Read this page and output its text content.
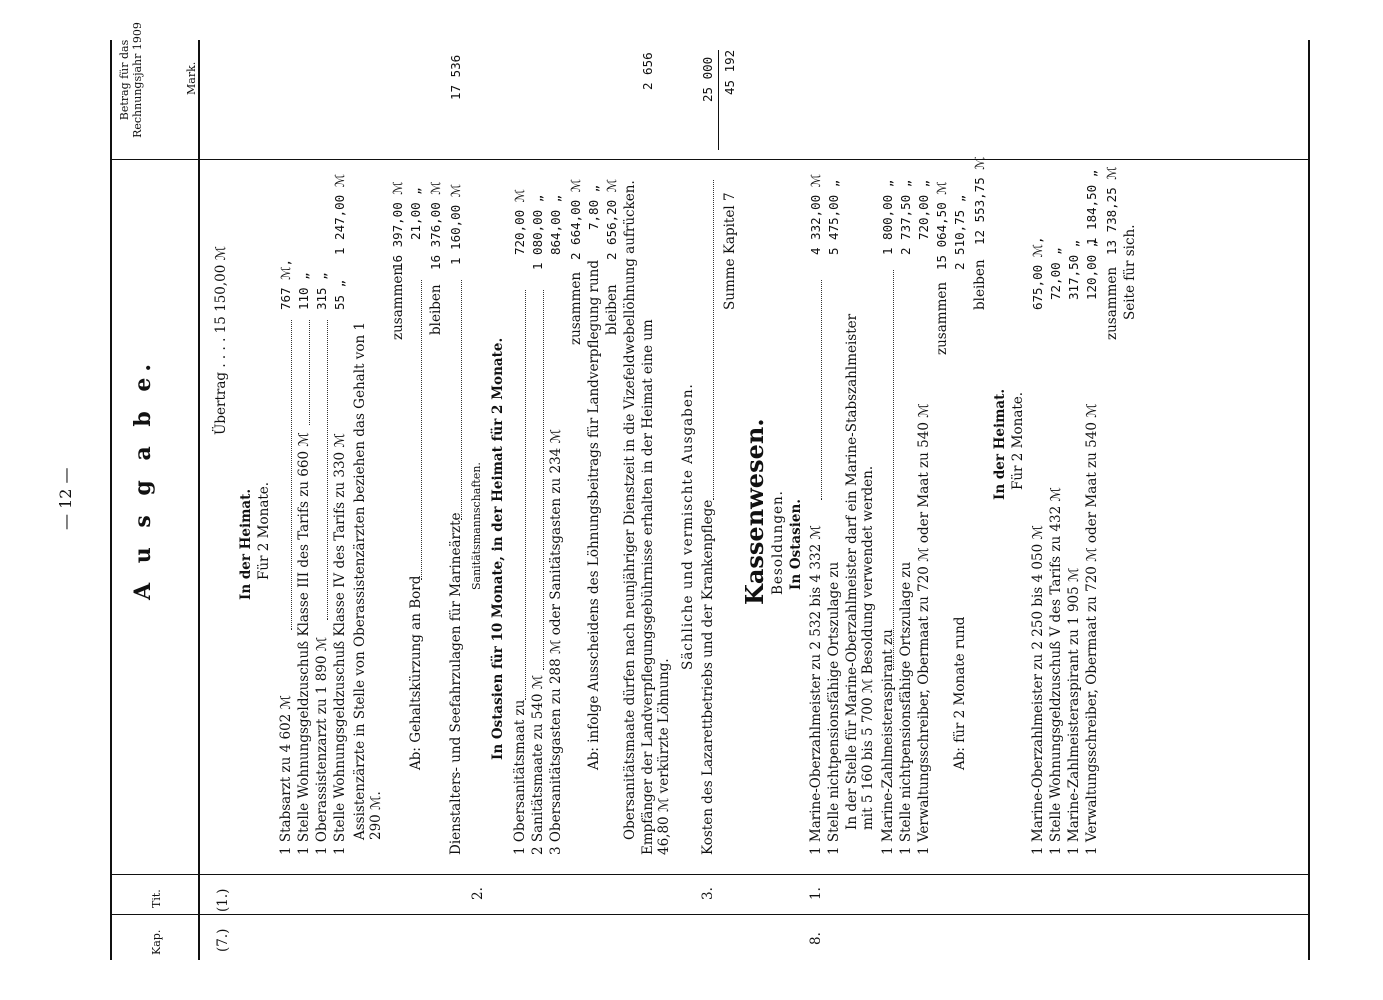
— 12 —	A u s g a b e.
Kap.
Tit.
Betrag für das Rechnungsjahr 1909	Mark.
(7.)
(1.)
Übertrag . . . . 15 150,00 ℳ
In der Heimat. Für 2 Monate.
1 Stabsarzt zu 4 602 ℳ
767 ℳ,
1 Stelle Wohnungsgeldzuschuß Klasse III des Tarifs zu 660 ℳ
110 „
1 Oberassistenzarzt zu 1 890 ℳ
315 „
1 Stelle Wohnungsgeldzuschuß Klasse IV des Tarifs zu 330 ℳ
55 „
1 247,00 ℳ
Assistenzärzte in Stelle von Oberassistenzärzten beziehen das Gehalt von 1 290 ℳ.
zusammen
16 397,00 ℳ
Ab: Gehaltskürzung an Bord
21,00 „
bleiben
16 376,00 ℳ
Dienstalters- und Seefahrzulagen für Marineärzte
1 160,00 ℳ
17 536
2.
Sanitätsmannschaften. In Ostasien für 10 Monate, in der Heimat für 2 Monate.
1 Obersanitätsmaat zu
720,00 ℳ
2 Sanitätsmaate zu 540 ℳ
1 080,00 „
3 Obersanitätsgasten zu 288 ℳ oder Sanitätsgasten zu 234 ℳ
864,00 „
zusammen
2 664,00 ℳ
Ab: infolge Ausscheidens des Löhnungsbeitrags für Landverpflegung rund
7,80 „
bleiben
2 656,20 ℳ Obersanitätsmaate dürfen nach neunjähriger Dienstzeit in die Vizefeldwebellöhnung aufrücken. Empfänger der Landverpflegungsgebührnisse erhalten in der Heimat eine um 46,80 ℳ verkürzte Löhnung.
2 656
Sächliche und vermischte Ausgaben.
3.
Kosten des Lazarettbetriebs und der Krankenpflege
25 000
Summe Kapitel 7
45 192
Kassenwesen. Besoldungen. In Ostasien.
8.
1.
1 Marine-Oberzahlmeister zu 2 532 bis 4 332 ℳ
4 332,00 ℳ
1 Stelle nichtpensionsfähige Ortszulage zu
5 475,00 „
In der Stelle für Marine-Oberzahlmeister darf ein Marine-Stabszahlmeister mit 5 160 bis 5 700 ℳ Besoldung verwendet werden. 1 Marine-Zahlmeisteraspirant zu
1 800,00 „
1 Stelle nichtpensionsfähige Ortszulage zu
2 737,50 „
1 Verwaltungsschreiber, Obermaat zu 720 ℳ oder Maat zu 540 ℳ
720,00 „
zusammen
15 064,50 ℳ
Ab: für 2 Monate rund
2 510,75 „
bleiben
12 553,75 ℳ
In der Heimat. Für 2 Monate.
1 Marine-Oberzahlmeister zu 2 250 bis 4 050 ℳ
675,00 ℳ,
1 Stelle Wohnungsgeldzuschuß V des Tarifs zu 432 ℳ
72,00 „
1 Marine-Zahlmeisteraspirant zu 1 905 ℳ
317,50 „
1 Verwaltungsschreiber, Obermaat zu 720 ℳ oder Maat zu 540 ℳ
120,00 „
1 184,50 „
zusammen
13 738,25 ℳ
Seite für sich.
